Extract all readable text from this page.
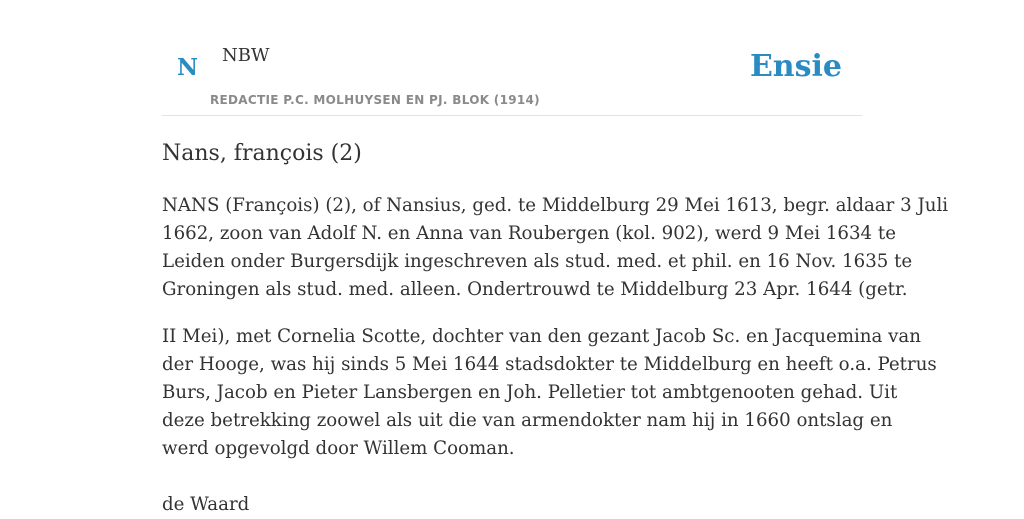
N NBW
REDACTIE P.C. MOLHUYSEN EN PJ. BLOK (1914)
Ensie
Nans, françois (2)

NANS (François) (2), of Nansius, ged. te Middelburg 29 Mei 1613, begr. aldaar 3 Juli
1662, zoon van Adolf N. en Anna van Roubergen (kol. 902), werd 9 Mei 1634 te
Leiden onder Burgersdijk ingeschreven als stud. med. et phil. en 16 Nov. 1635 te
Groningen als stud. med. alleen. Ondertrouwd te Middelburg 23 Apr. 1644 (getr.

II Mei), met Cornelia Scotte, dochter van den gezant Jacob Sc. en Jacquemina van
der Hooge, was hij sinds 5 Mei 1644 stadsdokter te Middelburg en heeft o.a. Petrus
Burs, Jacob en Pieter Lansbergen en Joh. Pelletier tot ambtgenooten gehad. Uit
deze betrekking zoowel als uit die van armendokter nam hij in 1660 ontslag en
werd opgevolgd door Willem Cooman.

de Waard
